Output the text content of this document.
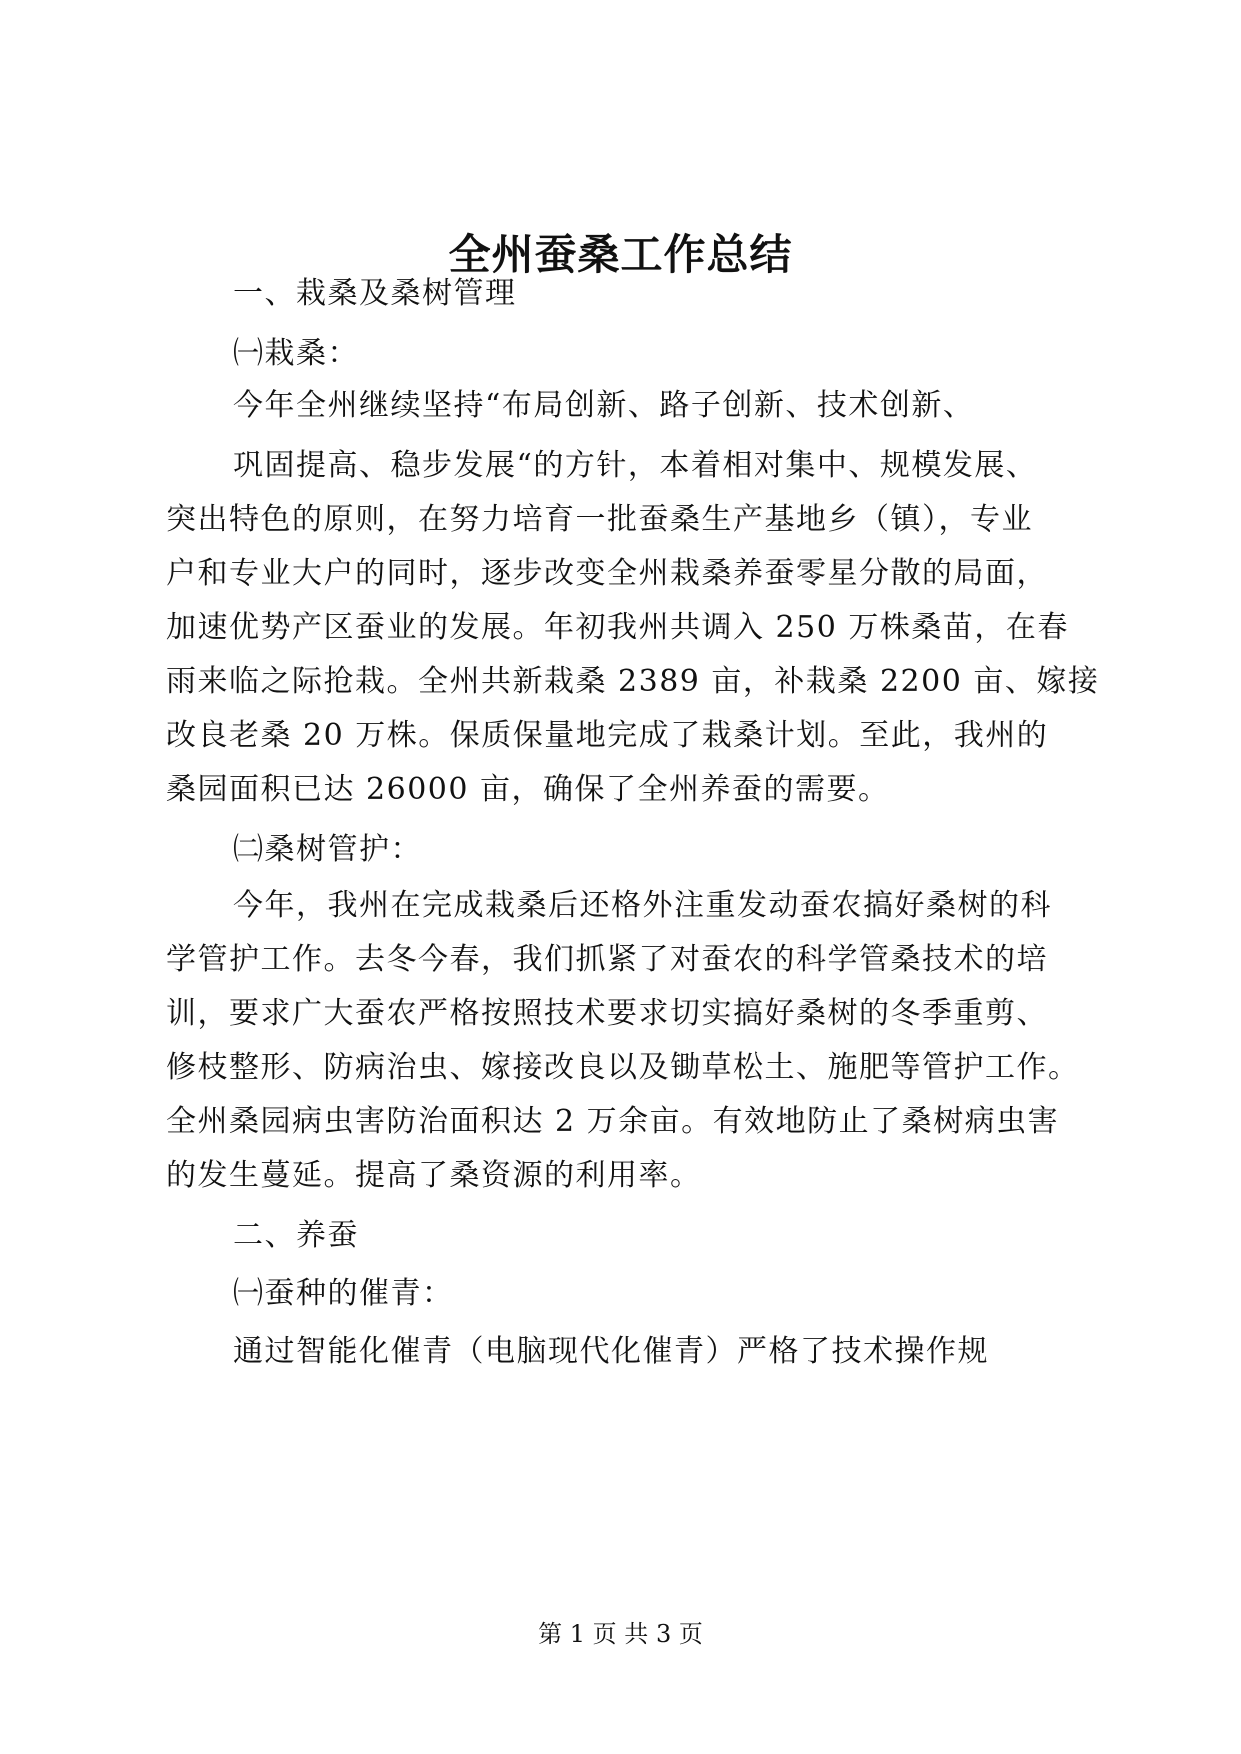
全州蚕桑工作总结
一、栽桑及桑树管理
㈠栽桑：
今年全州继续坚持“布局创新、路子创新、技术创新、
巩固提高、稳步发展“的方针，本着相对集中、规模发展、
突出特色的原则，在努力培育一批蚕桑生产基地乡（镇），专业
户和专业大户的同时，逐步改变全州栽桑养蚕零星分散的局面，
加速优势产区蚕业的发展。年初我州共调入 250 万株桑苗，在春
雨来临之际抢栽。全州共新栽桑 2389 亩，补栽桑 2200 亩、嫁接
改良老桑 20 万株。保质保量地完成了栽桑计划。至此，我州的
桑园面积已达 26000 亩，确保了全州养蚕的需要。
㈡桑树管护：
今年，我州在完成栽桑后还格外注重发动蚕农搞好桑树的科
学管护工作。去冬今春，我们抓紧了对蚕农的科学管桑技术的培
训，要求广大蚕农严格按照技术要求切实搞好桑树的冬季重剪、
修枝整形、防病治虫、嫁接改良以及锄草松土、施肥等管护工作。
全州桑园病虫害防治面积达 2 万余亩。有效地防止了桑树病虫害
的发生蔓延。提高了桑资源的利用率。
二、养蚕
㈠蚕种的催青：
通过智能化催青（电脑现代化催青）严格了技术操作规
第 1 页 共 3 页
